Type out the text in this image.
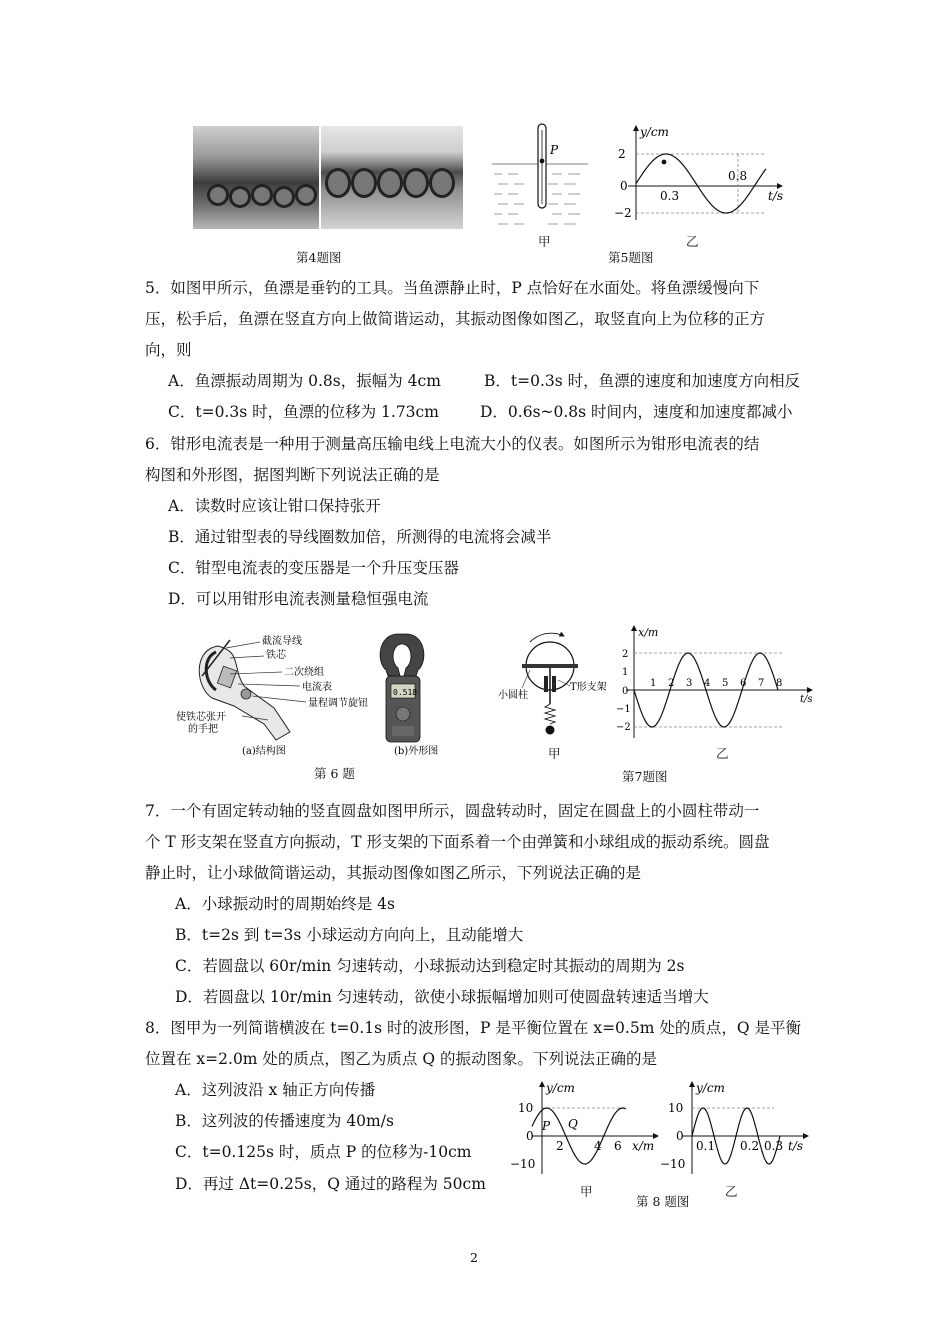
第4题图
P
甲
y/cm
t/s
2
0
−2
0.3
0.8
第5题图
乙
5．如图甲所示，鱼漂是垂钓的工具。当鱼漂静止时，P 点恰好在水面处。将鱼漂缓慢向下
压，松手后，鱼漂在竖直方向上做简谐运动，其振动图像如图乙，取竖直向上为位移的正方
向，则
A．鱼漂振动周期为 0.8s，振幅为 4cm	B．t=0.3s 时，鱼漂的速度和加速度方向相反
C．t=0.3s 时，鱼漂的位移为 1.73cm	D．0.6s~0.8s 时间内，速度和加速度都减小
6．钳形电流表是一种用于测量高压输电线上电流大小的仪表。如图所示为钳形电流表的结
构图和外形图，据图判断下列说法正确的是
A．读数时应该让钳口保持张开
B．通过钳型表的导线圈数加倍，所测得的电流将会减半
C．钳型电流表的变压器是一个升压变压器
D．可以用钳形电流表测量稳恒强电流
截流导线
铁芯
二次绕组
电流表
量程调节旋钮
使铁芯张开
的手把
(a)结构图
0.518
(b)外形图
第 6 题
小圆柱
T形支架
甲
x/m
t/s
2
1
0
−1
−2
1 2 3 4 5 6 7 8
乙
第7题图
7．一个有固定转动轴的竖直圆盘如图甲所示，圆盘转动时，固定在圆盘上的小圆柱带动一
个 T 形支架在竖直方向振动，T 形支架的下面系着一个由弹簧和小球组成的振动系统。圆盘
静止时，让小球做简谐运动，其振动图像如图乙所示，下列说法正确的是
A．小球振动时的周期始终是 4s
B．t=2s 到 t=3s 小球运动方向向上，且动能增大
C．若圆盘以 60r/min 匀速转动，小球振动达到稳定时其振动的周期为 2s
D．若圆盘以 10r/min 匀速转动，欲使小球振幅增加则可使圆盘转速适当增大
8．图甲为一列简谐横波在 t=0.1s 时的波形图，P 是平衡位置在 x=0.5m 处的质点，Q 是平衡
位置在 x=2.0m 处的质点，图乙为质点 Q 的振动图象。下列说法正确的是
A．这列波沿 x 轴正方向传播
B．这列波的传播速度为 40m/s
C．t=0.125s 时，质点 P 的位移为-10cm
D．再过 Δt=0.25s，Q 通过的路程为 50cm
y/cm
x/m
10
0
−10
2	4 6
P Q
甲
y/cm
t/s
10
0
−10
0.1 0.2 0.3
第 8 题图
乙
2
